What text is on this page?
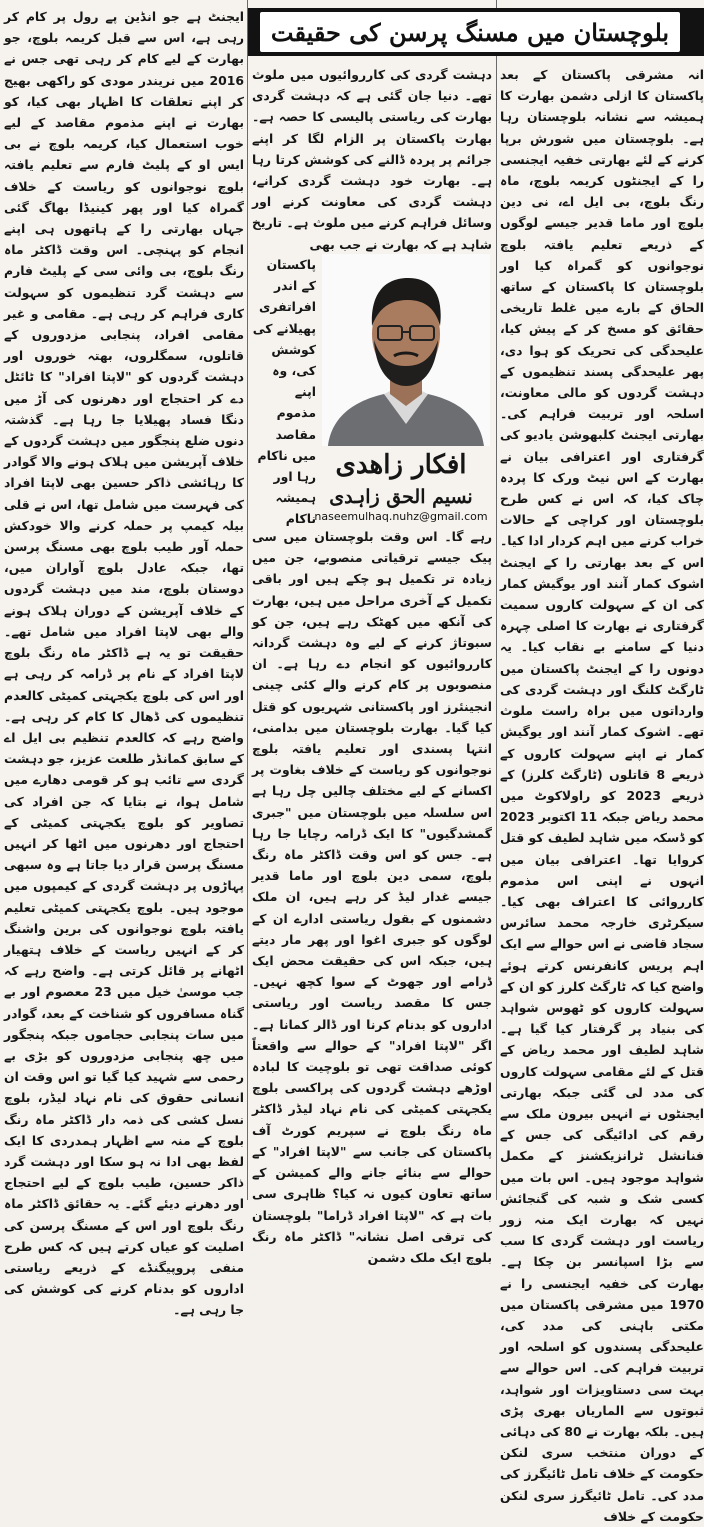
بلوچستان میں مسنگ پرسن کی حقیقت

انہ مشرقی پاکستان کے بعد پاکستان کا ازلی دشمن بھارت کا ہمیشہ سے نشانہ بلوچستان رہا ہے۔ بلوچستان میں شورش برپا کرنے کے لئے بھارتی خفیہ ایجنسی را کے ایجنٹوں کریمہ بلوچ، ماہ رنگ بلوچ، بی ایل اے، نی دین بلوچ اور ماما قدیر جیسے لوگوں کے ذریعے تعلیم یافتہ بلوچ نوجوانوں کو گمراہ کیا اور بلوچستان کا پاکستان کے ساتھ الحاق کے بارے میں غلط تاریخی حقائق کو مسخ کر کے پیش کیا، علیحدگی کی تحریک کو ہوا دی، پھر علیحدگی پسند تنظیموں کے دہشت گردوں کو مالی معاونت، اسلحہ اور تربیت فراہم کی۔ بھارتی ایجنٹ کلبھوشن یادیو کی گرفتاری اور اعترافی بیان نے بھارت کے اس نیٹ ورک کا پردہ چاک کیا، کہ اس نے کس طرح بلوچستان اور کراچی کے حالات خراب کرنے میں اہم کردار ادا کیا۔ اس کے بعد بھارتی را کے ایجنٹ اشوک کمار آنند اور یوگیش کمار کی ان کے سہولت کاروں سمیت گرفتاری نے بھارت کا اصلی چہرہ دنیا کے سامنے بے نقاب کیا۔ یہ دونوں را کے ایجنٹ پاکستان میں ٹارگٹ کلنگ اور دہشت گردی کی وارداتوں میں براہ راست ملوث تھے۔ اشوک کمار آنند اور یوگیش کمار نے اپنے سہولت کاروں کے ذریعے 8 قاتلوں (ٹارگٹ کلرز) کے ذریعے 2023 کو راولاکوٹ میں محمد ریاض جبکہ 11 اکتوبر 2023 کو ڈسکہ میں شاہد لطیف کو قتل کروایا تھا۔ اعترافی بیان میں انہوں نے اپنی اس مذموم کارروائی کا اعتراف بھی کیا۔ سیکرٹری خارجہ محمد سائرس سجاد قاضی نے اس حوالے سے ایک اہم پریس کانفرنس کرتے ہوئے واضح کیا کہ ٹارگٹ کلرز کو ان کے سہولت کاروں کو ٹھوس شواہد کی بنیاد پر گرفتار کیا گیا ہے۔ شاہد لطیف اور محمد ریاض کے قتل کے لئے مقامی سہولت کاروں کی مدد لی گئی جبکہ بھارتی ایجنٹوں نے انہیں بیرون ملک سے رقم کی ادائیگی کی جس کے فنانشل ٹرانزیکشنز کے مکمل شواہد موجود ہیں۔ اس بات میں کسی شک و شبہ کی گنجائش نہیں کہ بھارت ایک منہ زور ریاست اور دہشت گردی کا سب سے بڑا اسپانسر بن چکا ہے۔ بھارت کی خفیہ ایجنسی را نے 1970 میں مشرقی پاکستان میں مکتی باہنی کی مدد کی، علیحدگی پسندوں کو اسلحہ اور تربیت فراہم کی۔ اس حوالے سے بہت سی دستاویزات اور شواہد، ثبوتوں سے الماریاں بھری پڑی ہیں۔ بلکہ بھارت نے 80 کی دہائی کے دوران منتخب سری لنکن حکومت کے خلاف تامل ٹائیگرز کی مدد کی۔ تامل ٹائیگرز سری لنکن حکومت کے خلاف

دہشت گردی کی کارروائیوں میں ملوث تھے۔ دنیا جان گئی ہے کہ دہشت گردی بھارت کی ریاستی پالیسی کا حصہ ہے۔ بھارت پاکستان پر الزام لگا کر اپنے جرائم پر پردہ ڈالنے کی کوشش کرتا رہا ہے۔ بھارت خود دہشت گردی کرانے، دہشت گردی کی معاونت کرنے اور وسائل فراہم کرنے میں ملوث ہے۔ تاریخ شاہد ہے کہ بھارت نے جب بھی

پاکستان کے اندر افراتفری پھیلانے کی کوشش کی، وہ اپنے مذموم مقاصد میں ناکام رہا اور ہمیشہ ناکام

افکار زاهدی
نسیم الحق زاہدی
naseemulhaq.nuhz@gmail.com

رہے گا۔ اس وقت بلوچستان میں سی پیک جیسے ترقیاتی منصوبے، جن میں زیادہ تر تکمیل ہو چکے ہیں اور باقی تکمیل کے آخری مراحل میں ہیں، بھارت کی آنکھ میں کھٹک رہے ہیں، جن کو سبوتاژ کرنے کے لیے وہ دہشت گردانہ کارروائیوں کو انجام دے رہا ہے۔ ان منصوبوں پر کام کرنے والے کئی چینی انجینئرز اور پاکستانی شہریوں کو قتل کیا گیا۔ بھارت بلوچستان میں بدامنی، انتہا پسندی اور تعلیم یافتہ بلوچ نوجوانوں کو ریاست کے خلاف بغاوت پر اکسانے کے لیے مختلف چالیں چل رہا ہے اس سلسلہ میں بلوچستان میں "جبری گمشدگیوں" کا ایک ڈرامہ رچایا جا رہا ہے۔ جس کو اس وقت ڈاکٹر ماہ رنگ بلوچ، سمی دین بلوچ اور ماما قدیر جیسے غدار لیڈ کر رہے ہیں، ان ملک دشمنوں کے بقول ریاستی ادارے ان کے لوگوں کو جبری اغوا اور پھر مار دیتے ہیں، جبکہ اس کی حقیقت محض ایک ڈرامے اور جھوٹ کے سوا کچھ نہیں۔ جس کا مقصد ریاست اور ریاستی اداروں کو بدنام کرنا اور ڈالر کمانا ہے۔ اگر "لاپتا افراد" کے حوالے سے واقعتاً کوئی صداقت تھی تو بلوچیت کا لبادہ اوڑھے دہشت گردوں کی پراکسی بلوچ یکجہتی کمیٹی کی نام نہاد لیڈر ڈاکٹر ماہ رنگ بلوچ نے سپریم کورٹ آف پاکستان کی جانب سے "لاپتا افراد" کے حوالے سے بنائے جانے والے کمیشن کے ساتھ تعاون کیوں نہ کیا؟ ظاہری سی بات ہے کہ "لاپتا افراد ڈراما" بلوچستان کی ترقی اصل نشانہ" ڈاکٹر ماہ رنگ بلوچ ایک ملک دشمن

ایجنٹ ہے جو انڈین پے رول پر کام کر رہی ہے، اس سے قبل کریمہ بلوچ، جو بھارت کے لیے کام کر رہی تھی جس نے 2016 میں نریندر مودی کو راکھی بھیج کر اپنے تعلقات کا اظہار بھی کیا، کو بھارت نے اپنے مذموم مقاصد کے لیے خوب استعمال کیا، کریمہ بلوچ نے بی ایس او کے پلیٹ فارم سے تعلیم یافتہ بلوچ نوجوانوں کو ریاست کے خلاف گمراہ کیا اور پھر کینیڈا بھاگ گئی جہاں بھارتی را کے ہاتھوں ہی اپنے انجام کو پہنچی۔ اس وقت ڈاکٹر ماہ رنگ بلوچ، بی وائی سی کے پلیٹ فارم سے دہشت گرد تنظیموں کو سہولت کاری فراہم کر رہی ہے۔ مقامی و غیر مقامی افراد، پنجابی مزدوروں کے قاتلوں، سمگلروں، بھتہ خوروں اور دہشت گردوں کو "لاپتا افراد" کا ٹائٹل دے کر احتجاج اور دھرنوں کی آڑ میں دنگا فساد پھیلایا جا رہا ہے۔ گذشتہ دنوں ضلع پنجگور میں دہشت گردوں کے خلاف آپریشن میں ہلاک ہونے والا گوادر کا رہائشی ذاکر حسین بھی لاپتا افراد کی فہرست میں شامل تھا، اس نے قلی بیلہ کیمپ پر حملہ کرنے والا خودکش حملہ آور طیب بلوچ بھی مسنگ پرسن تھا، جبکہ عادل بلوچ آواران میں، دوستان بلوچ، مند میں دہشت گردوں کے خلاف آپریشن کے دوران ہلاک ہونے والے بھی لاپتا افراد میں شامل تھے۔ حقیقت تو یہ ہے ڈاکٹر ماہ رنگ بلوچ لاپتا افراد کے نام پر ڈرامہ کر رہی ہے اور اس کی بلوچ یکجہتی کمیٹی کالعدم تنظیموں کی ڈھال کا کام کر رہی ہے۔ واضح رہے کہ کالعدم تنظیم بی ایل اے کے سابق کمانڈر طلعت عزیز، جو دہشت گردی سے تائب ہو کر قومی دھارے میں شامل ہوا، نے بتایا کہ جن افراد کی تصاویر کو بلوچ یکجہتی کمیٹی کے احتجاج اور دھرنوں میں اٹھا کر انہیں مسنگ پرسن قرار دیا جاتا ہے وہ سبھی پہاڑوں پر دہشت گردی کے کیمپوں میں موجود ہیں۔ بلوچ یکجہتی کمیٹی تعلیم یافتہ بلوچ نوجوانوں کی برین واشنگ کر کے انہیں ریاست کے خلاف ہتھیار اٹھانے پر قائل کرتی ہے۔ واضح رہے کہ جب موسیٰ خیل میں 23 معصوم اور بے گناہ مسافروں کو شناخت کے بعد، گوادر میں سات پنجابی حجاموں جبکہ پنجگور میں چھ پنجابی مزدوروں کو بڑی بے رحمی سے شہید کیا گیا تو اس وقت ان انسانی حقوق کی نام نہاد لیڈر، بلوچ نسل کشی کی ذمہ دار ڈاکٹر ماہ رنگ بلوچ کے منہ سے اظہار ہمدردی کا ایک لفظ بھی ادا نہ ہو سکا اور دہشت گرد ذاکر حسین، طیب بلوچ کے لیے احتجاج اور دھرنے دیئے گئے۔ یہ حقائق ڈاکٹر ماہ رنگ بلوچ اور اس کے مسنگ پرسن کی اصلیت کو عیاں کرتے ہیں کہ کس طرح منفی پروپیگنڈے کے ذریعے ریاستی اداروں کو بدنام کرنے کی کوشش کی جا رہی ہے۔
